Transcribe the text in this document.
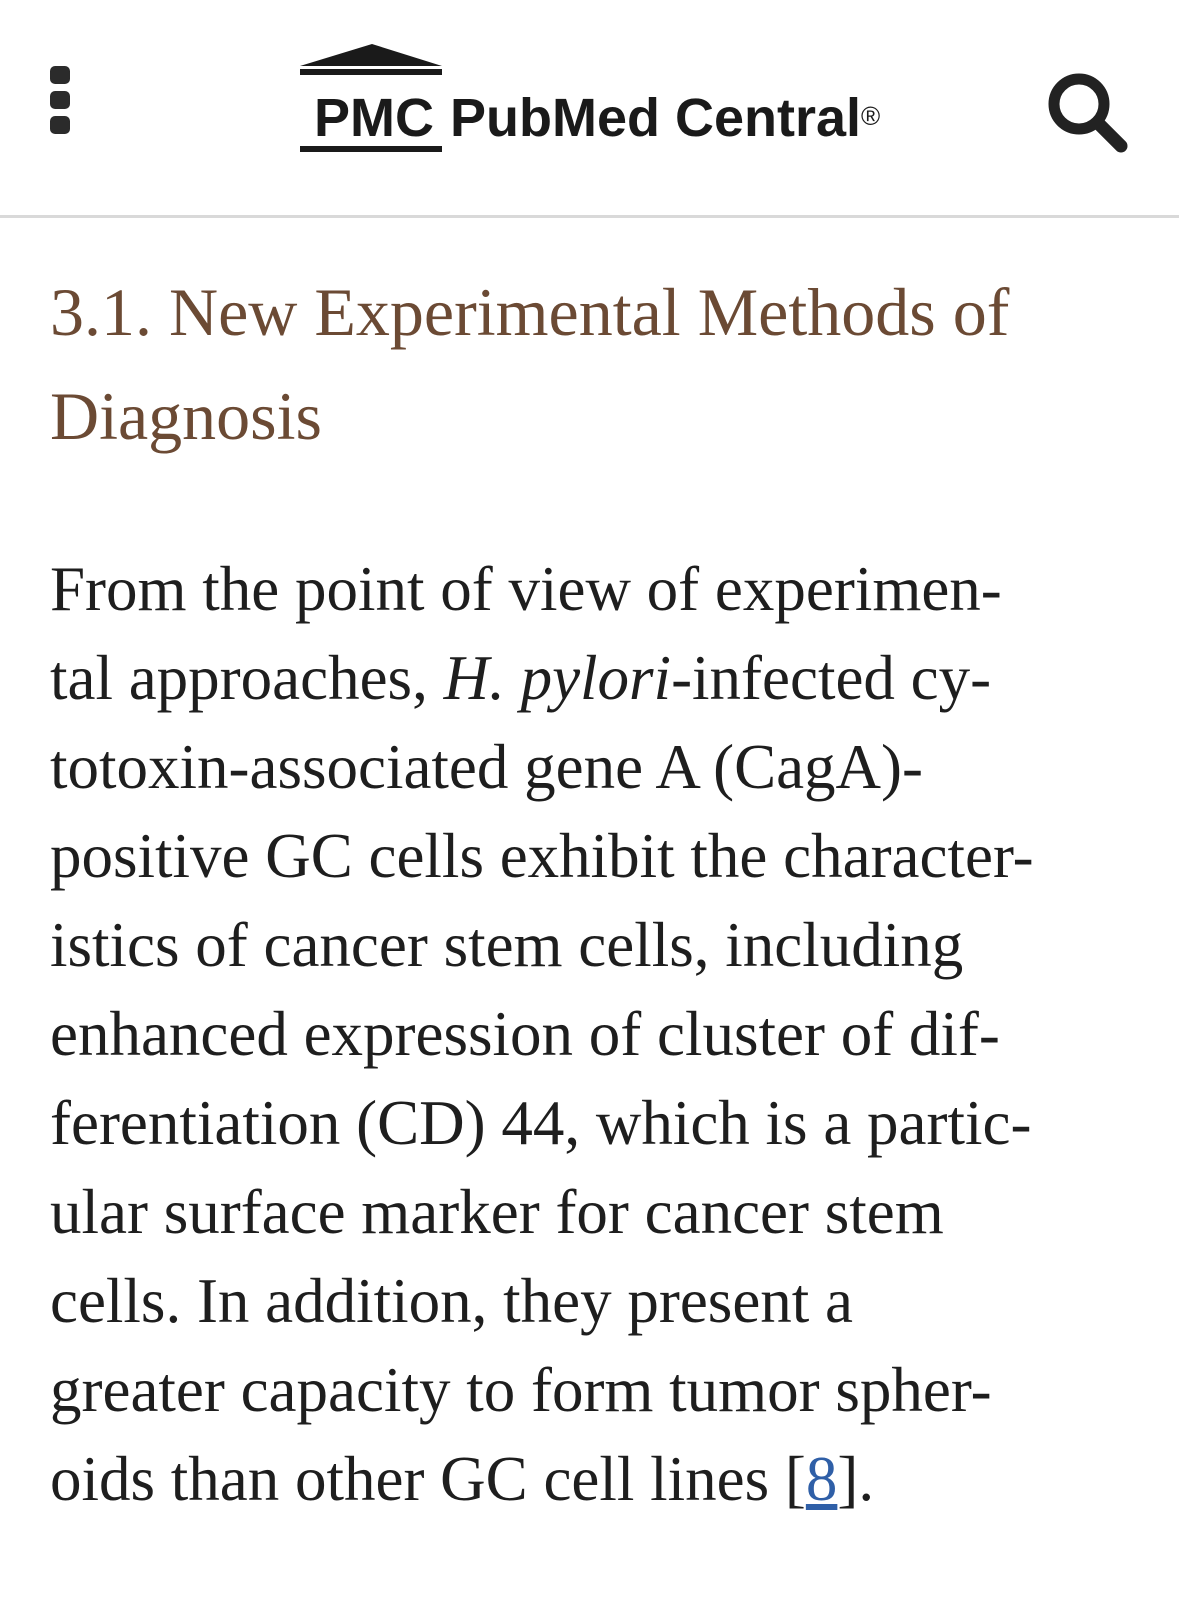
PMC PubMed Central®
3.1. New Experimental Methods of Diagnosis

From the point of view of experimen-
tal approaches, H. pylori-infected cy-
totoxin-associated gene A (CagA)-
positive GC cells exhibit the character-
istics of cancer stem cells, including
enhanced expression of cluster of dif-
ferentiation (CD) 44, which is a partic-
ular surface marker for cancer stem
cells. In addition, they present a
greater capacity to form tumor spher-
oids than other GC cell lines [8].
